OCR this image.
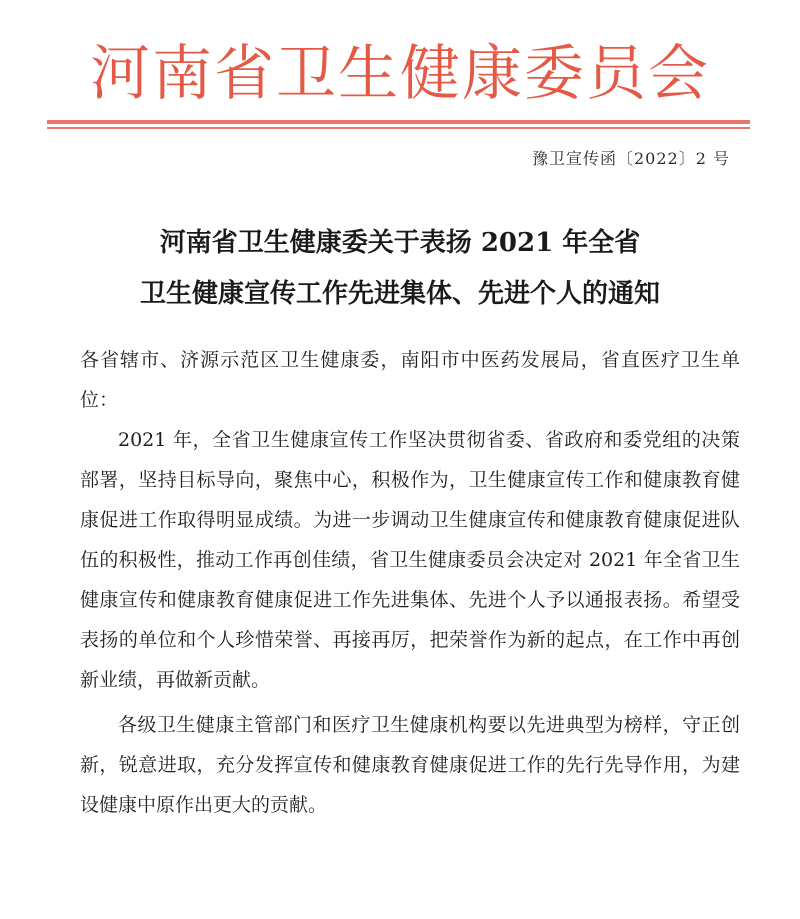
河南省卫生健康委员会
豫卫宣传函〔2022〕2 号
河南省卫生健康委关于表扬 2021 年全省
卫生健康宣传工作先进集体、先进个人的通知

各省辖市、济源示范区卫生健康委，南阳市中医药发展局，省直医疗卫生单位：

2021 年，全省卫生健康宣传工作坚决贯彻省委、省政府和委党组的决策部署，坚持目标导向，聚焦中心，积极作为，卫生健康宣传工作和健康教育健康促进工作取得明显成绩。为进一步调动卫生健康宣传和健康教育健康促进队伍的积极性，推动工作再创佳绩，省卫生健康委员会决定对 2021 年全省卫生健康宣传和健康教育健康促进工作先进集体、先进个人予以通报表扬。希望受表扬的单位和个人珍惜荣誉、再接再厉，把荣誉作为新的起点，在工作中再创新业绩，再做新贡献。

各级卫生健康主管部门和医疗卫生健康机构要以先进典型为榜样，守正创新，锐意进取，充分发挥宣传和健康教育健康促进工作的先行先导作用，为建设健康中原作出更大的贡献。
